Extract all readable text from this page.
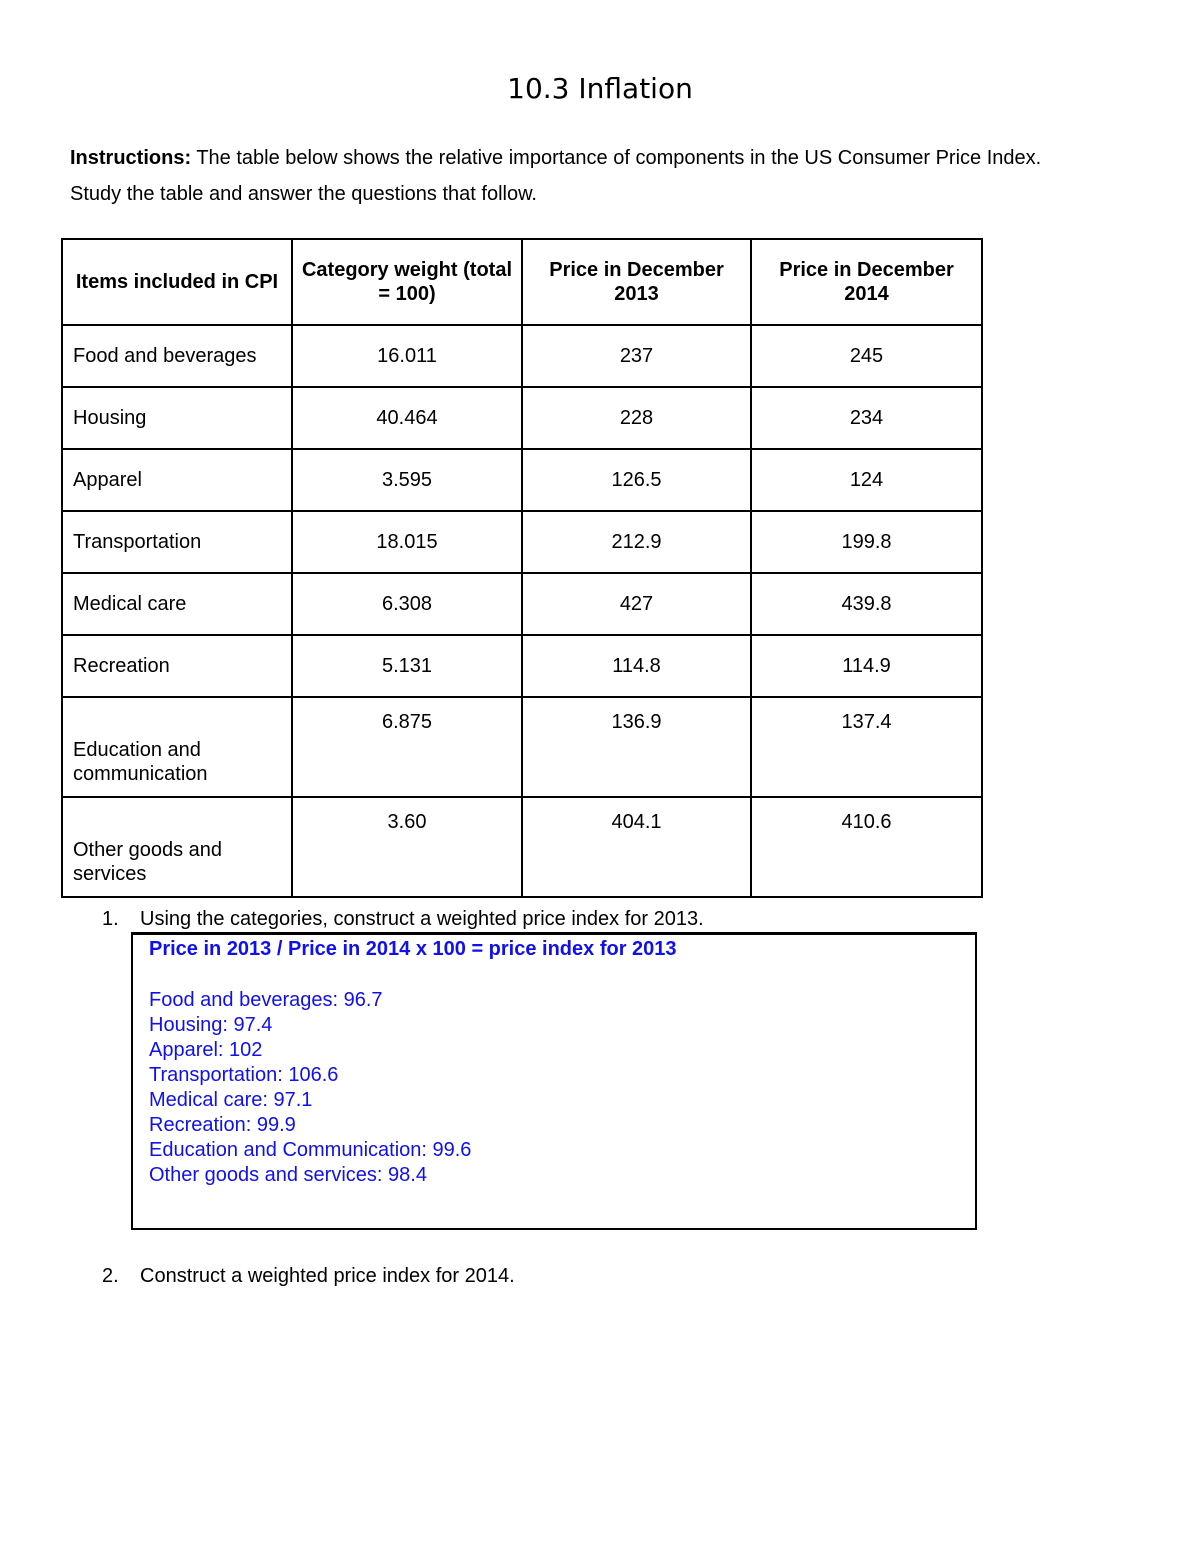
10.3 Inflation
Instructions: The table below shows the relative importance of components in the US Consumer Price Index.
Study the table and answer the questions that follow.
Items included in CPI	Category weight (total = 100)	Price in December 2013	Price in December 2014
Food and beverages	16.011	237	245
Housing	40.464	228	234
Apparel	3.595	126.5	124
Transportation	18.015	212.9	199.8
Medical care	6.308	427	439.8
Recreation	5.131	114.8	114.9
Education and communication	6.875	136.9	137.4
Other goods and services	3.60	404.1	410.6
1. Using the categories, construct a weighted price index for 2013.
Price in 2013 / Price in 2014 x 100 = price index for 2013
Food and beverages: 96.7
Housing: 97.4
Apparel: 102
Transportation: 106.6
Medical care: 97.1
Recreation: 99.9
Education and Communication: 99.6
Other goods and services: 98.4
2. Construct a weighted price index for 2014.
